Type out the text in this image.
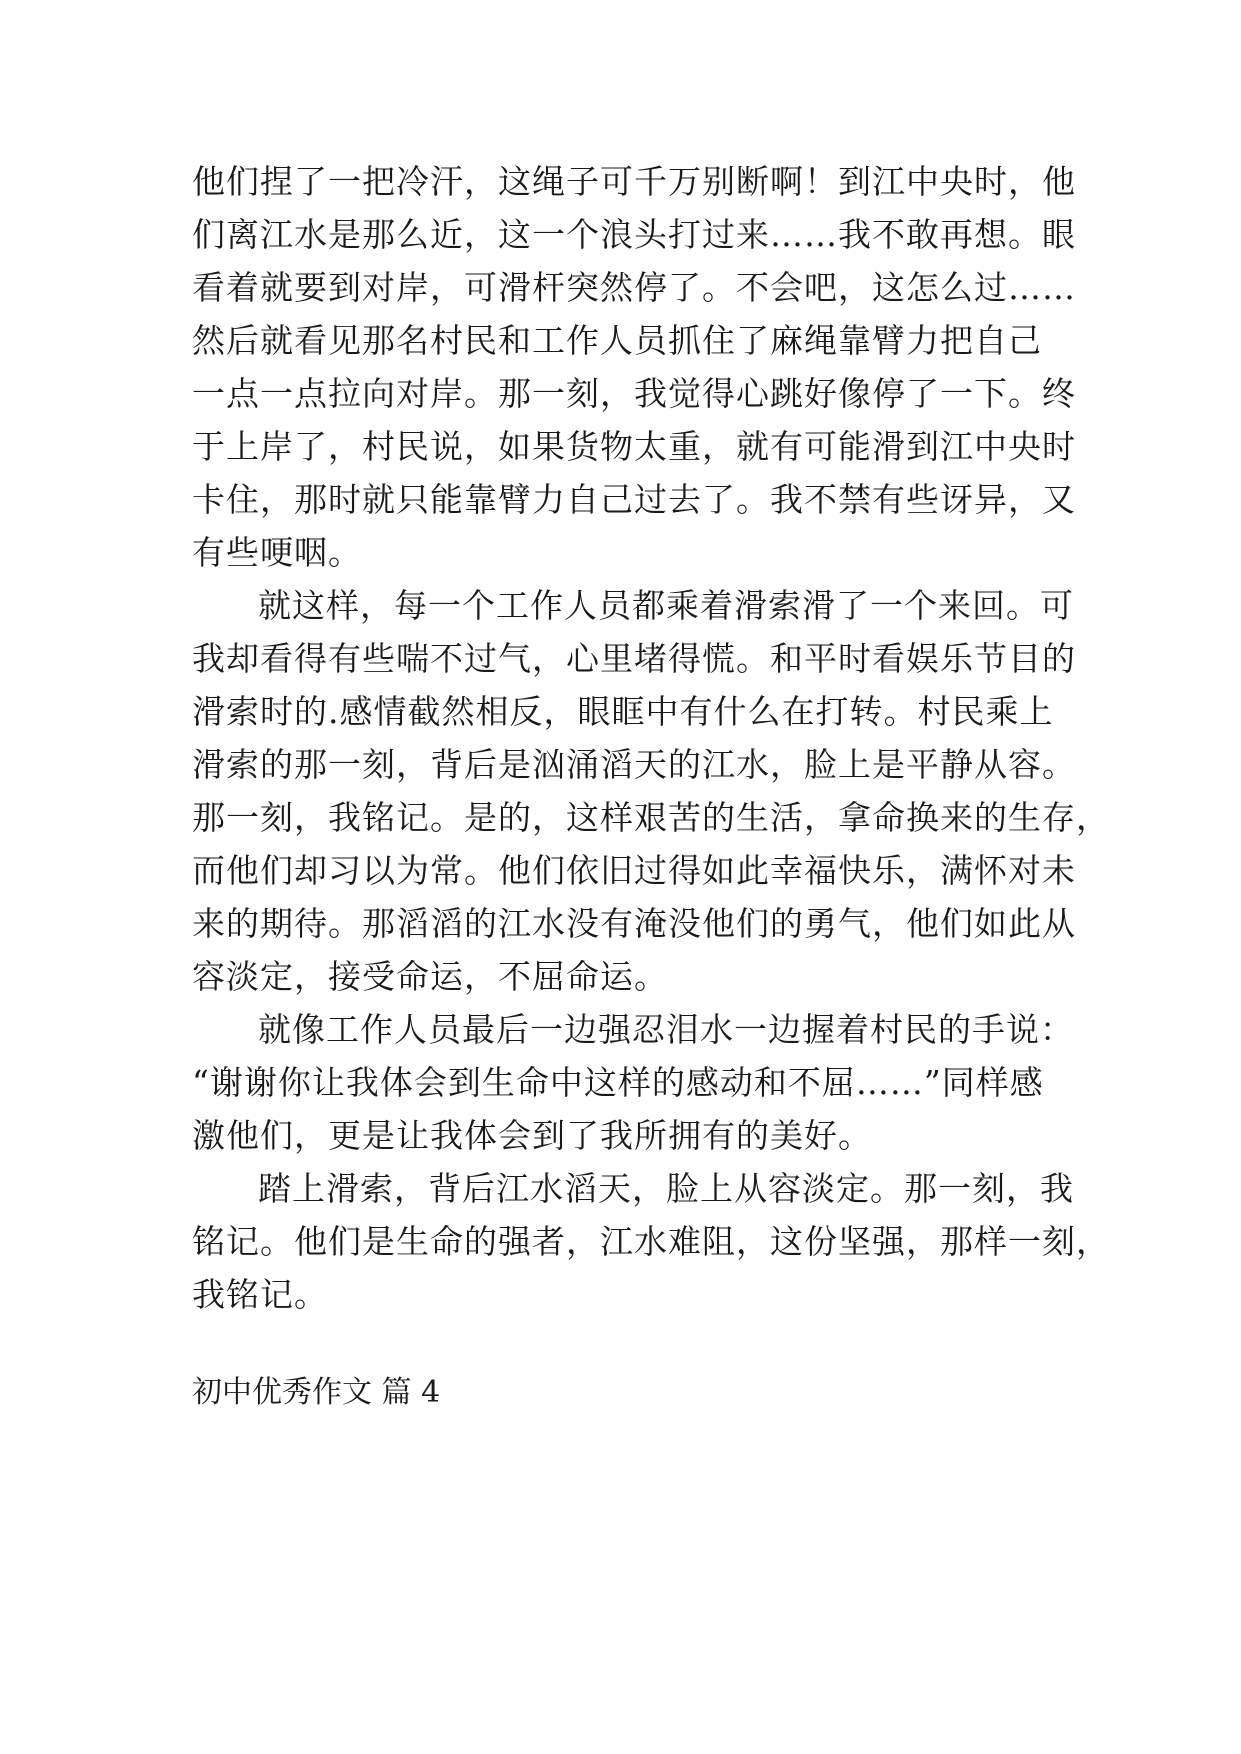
他们捏了一把冷汗，这绳子可千万别断啊！到江中央时，他
们离江水是那么近，这一个浪头打过来……我不敢再想。眼
看着就要到对岸，可滑杆突然停了。不会吧，这怎么过……
然后就看见那名村民和工作人员抓住了麻绳靠臂力把自己
一点一点拉向对岸。那一刻，我觉得心跳好像停了一下。终
于上岸了，村民说，如果货物太重，就有可能滑到江中央时
卡住，那时就只能靠臂力自己过去了。我不禁有些讶异，又
有些哽咽。
就这样，每一个工作人员都乘着滑索滑了一个来回。可
我却看得有些喘不过气，心里堵得慌。和平时看娱乐节目的
滑索时的.感情截然相反，眼眶中有什么在打转。村民乘上
滑索的那一刻，背后是汹涌滔天的江水，脸上是平静从容。
那一刻，我铭记。是的，这样艰苦的生活，拿命换来的生存，
而他们却习以为常。他们依旧过得如此幸福快乐，满怀对未
来的期待。那滔滔的江水没有淹没他们的勇气，他们如此从
容淡定，接受命运，不屈命运。
就像工作人员最后一边强忍泪水一边握着村民的手说：
“谢谢你让我体会到生命中这样的感动和不屈……”同样感
激他们，更是让我体会到了我所拥有的美好。
踏上滑索，背后江水滔天，脸上从容淡定。那一刻，我
铭记。他们是生命的强者，江水难阻，这份坚强，那样一刻，
我铭记。
初中优秀作文 篇 4
